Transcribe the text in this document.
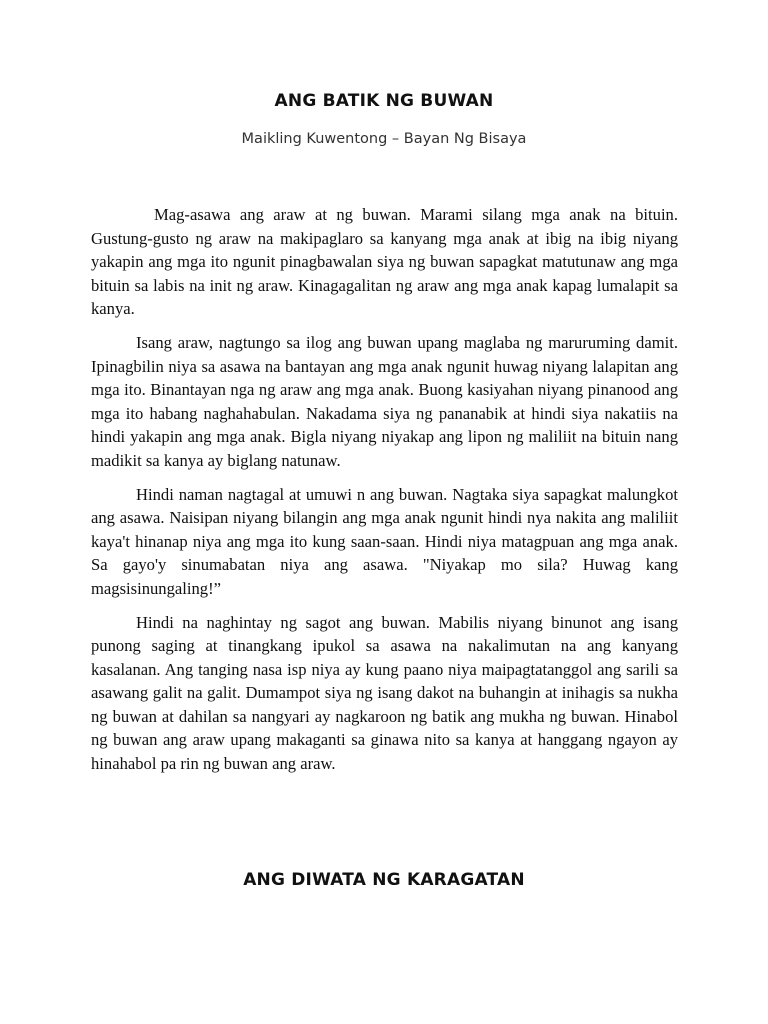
ANG BATIK NG BUWAN
Maikling Kuwentong – Bayan Ng Bisaya

Mag-asawa ang araw at ng buwan. Marami silang mga anak na bituin. Gustung-gusto ng araw na makipaglaro sa kanyang mga anak at ibig na ibig niyang yakapin ang mga ito ngunit pinagbawalan siya ng buwan sapagkat matutunaw ang mga bituin sa labis na init ng araw. Kinagagalitan ng araw ang mga anak kapag lumalapit sa kanya.

Isang araw, nagtungo sa ilog ang buwan upang maglaba ng maruruming damit. Ipinagbilin niya sa asawa na bantayan ang mga anak ngunit huwag niyang lalapitan ang mga ito. Binantayan nga ng araw ang mga anak. Buong kasiyahan niyang pinanood ang mga ito habang naghahabulan. Nakadama siya ng pananabik at hindi siya nakatiis na hindi yakapin ang mga anak. Bigla niyang niyakap ang lipon ng maliliit na bituin nang madikit sa kanya ay biglang natunaw.

Hindi naman nagtagal at umuwi n ang buwan. Nagtaka siya sapagkat malungkot ang asawa. Naisipan niyang bilangin ang mga anak ngunit hindi nya nakita ang maliliit kaya't hinanap niya ang mga ito kung saan-saan. Hindi niya matagpuan ang mga anak. Sa gayo'y sinumabatan niya ang asawa. "Niyakap mo sila? Huwag kang magsisinungaling!”

Hindi na naghintay ng sagot ang buwan. Mabilis niyang binunot ang isang punong saging at tinangkang ipukol sa asawa na nakalimutan na ang kanyang kasalanan. Ang tanging nasa isp niya ay kung paano niya maipagtatanggol ang sarili sa asawang galit na galit. Dumampot siya ng isang dakot na buhangin at inihagis sa nukha ng buwan at dahilan sa nangyari ay nagkaroon ng batik ang mukha ng buwan. Hinabol ng buwan ang araw upang makaganti sa ginawa nito sa kanya at hanggang ngayon ay hinahabol pa rin ng buwan ang araw.

ANG DIWATA NG KARAGATAN
